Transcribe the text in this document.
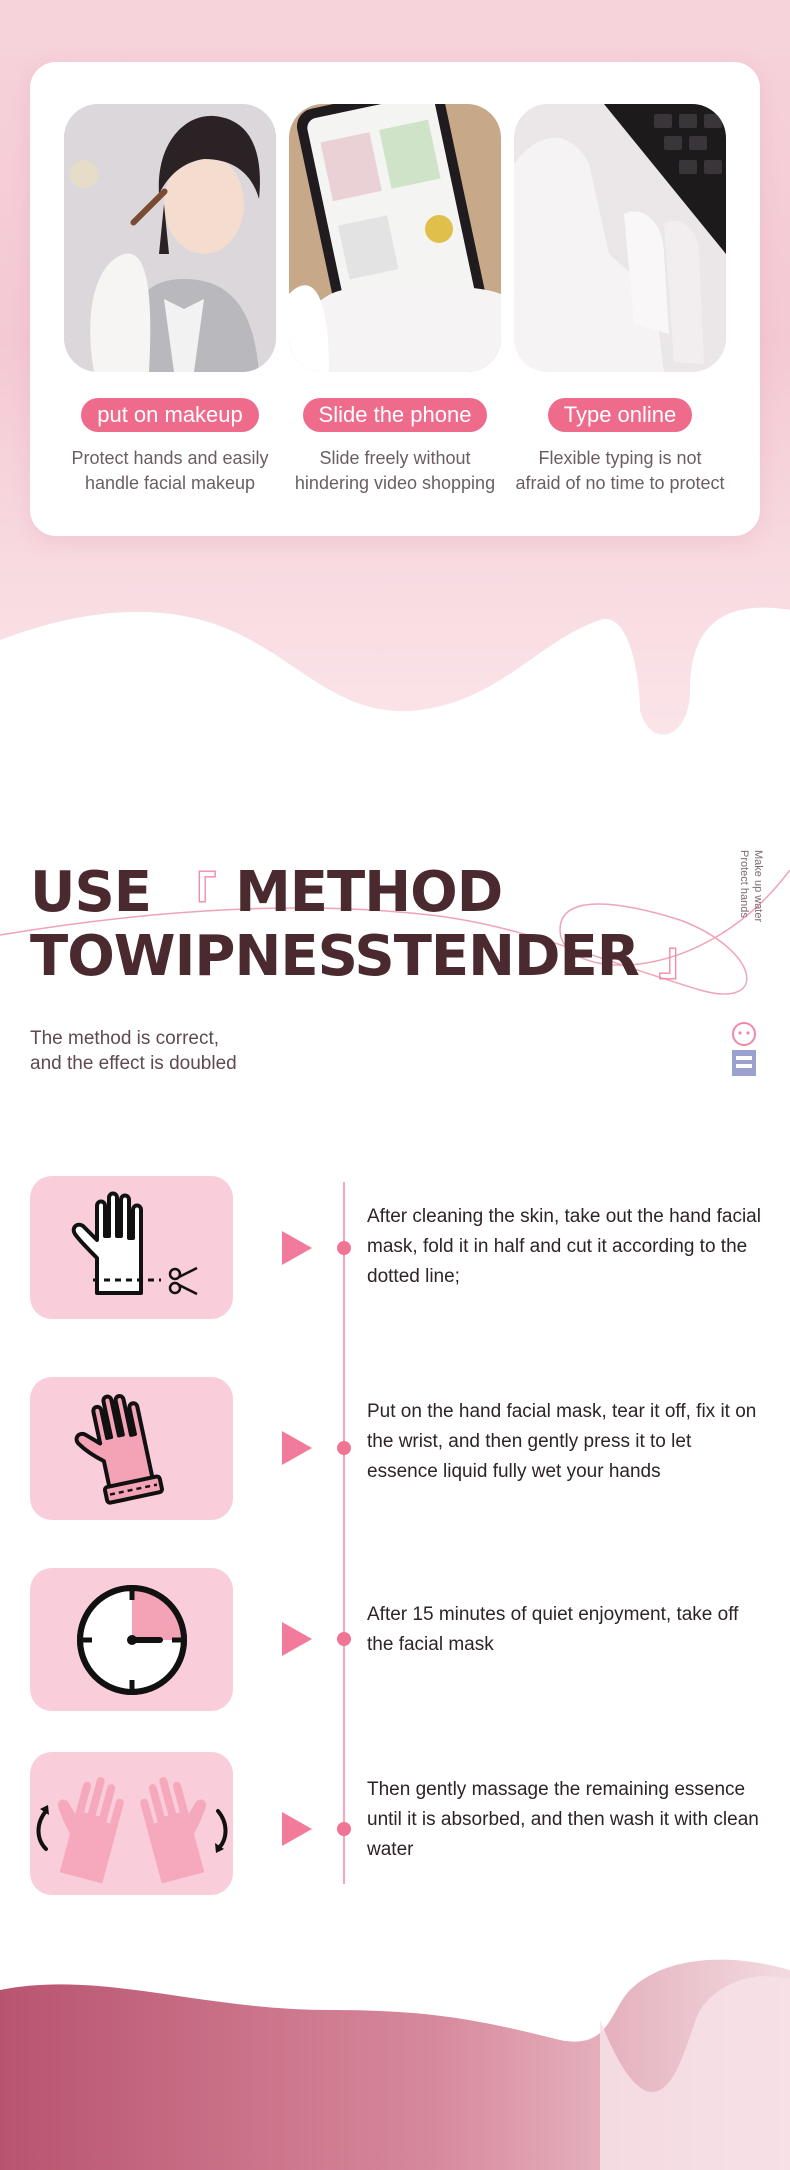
put on makeup
Protect hands and easily handle facial makeup
Slide the phone
Slide freely without hindering video shopping
Type online
Flexible typing is not afraid of no time to protect
USE 『 METHOD
TOWIPNESSTENDER 』
Make up water
Protect hands
The method is correct,
and the effect is doubled
After cleaning the skin, take out the hand facial mask, fold it in half and cut it according to the dotted line;
Put on the hand facial mask, tear it off, fix it on the wrist, and then gently press it to let essence liquid fully wet your hands
After 15 minutes of quiet enjoyment, take off the facial mask
Then gently massage the remaining essence until it is absorbed, and then wash it with clean water
